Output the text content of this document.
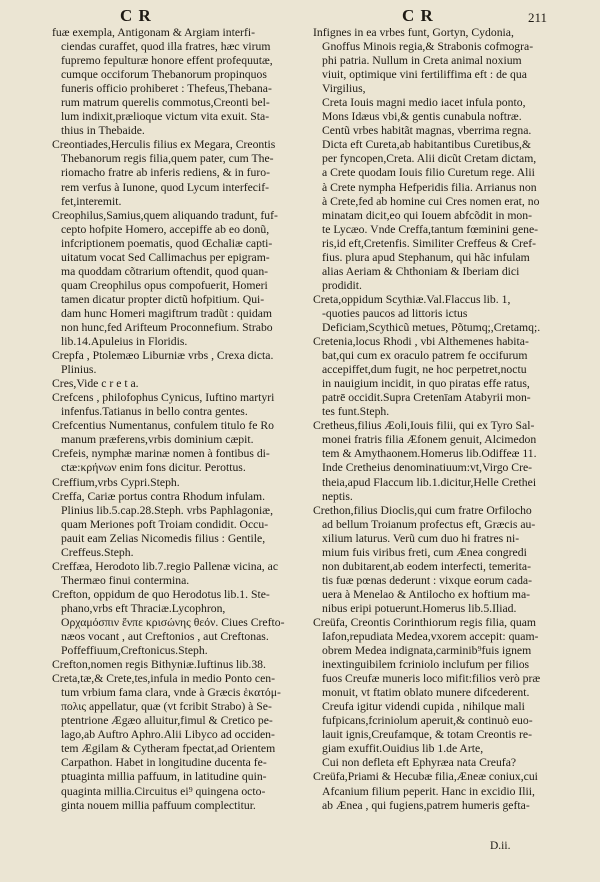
C R	C R	211
fuæ exempla, Antigonam & Argiam interfi-
ciendas curaffet, quod illa fratres, hæc virum
fupremo fepulturæ honore effent profequutæ,
cumque occiforum Thebanorum propinquos
funeris officio prohiberet : Thefeus,Thebana-
rum matrum querelis commotus,Creonti bel-
lum indixit,prælioque victum vita exuit. Sta-
thius in Thebaide.
Creontiades,Herculis filius ex Megara, Creontis
Thebanorum regis filia,quem pater, cum The-
riomacho fratre ab inferis rediens, & in furo-
rem verfus à Iunone, quod Lycum interfecif-
fet,interemit.
Creophilus,Samius,quem aliquando tradunt, fuf-
cepto hofpite Homero, accepiffe ab eo donũ,
infcriptionem poematis, quod Œchaliæ capti-
uitatum vocat Sed Callimachus per epigram-
ma quoddam cõtrarium oftendit, quod quan-
quam Creophilus opus compofuerit, Homeri
tamen dicatur propter dictũ hofpitium. Qui-
dam hunc Homeri magiftrum tradũt : quidam
non hunc,fed Arifteum Proconnefium. Strabo
lib.14.Apuleius in Floridis.
Crepfa , Ptolemæo Liburniæ vrbs , Crexa dicta.
Plinius.
Cres,Vide c r e t a.
Crefcens , philofophus Cynicus, Iuftino martyri
infenfus.Tatianus in bello contra gentes.
Crefcentius Numentanus, confulem titulo fe Ro
manum præferens,vrbis dominium cæpit.
Crefeis, nymphæ marinæ nomen à fontibus di-
ctæ:κρήνων enim fons dicitur. Perottus.
Creffium,vrbs Cypri.Steph.
Creffa, Cariæ portus contra Rhodum infulam.
Plinius lib.5.cap.28.Steph. vrbs Paphlagoniæ,
quam Meriones poft Troiam condidit. Occu-
pauit eam Zelias Nicomedis filius : Gentile,
Creffeus.Steph.
Creffæa, Herodoto lib.7.regio Pallenæ vicina, ac
Thermæo finui contermina.
Crefton, oppidum de quo Herodotus lib.1. Ste-
phano,vrbs eft Thraciæ.Lycophron,
Ορχαμόσπιν ἔνπε κρισώνης θεόν. Ciues Crefto-
næos vocant , aut Creftonios , aut Creftonas.
Poffeffiuum,Creftonicus.Steph.
Crefton,nomen regis Bithyniæ.Iuftinus lib.38.
Creta,tæ,& Crete,tes,infula in medio Ponto cen-
tum vrbium fama clara, vnde à Græcis ἑκατόμ-
πολις appellatur, quæ (vt fcribit Strabo) à Se-
ptentrione Ægæo alluitur,fimul & Cretico pe-
lago,ab Auftro Aphro.Alii Libyco ad occiden-
tem Ægilam & Cytheram fpectat,ad Orientem
Carpathon. Habet in longitudine ducenta fe-
ptuaginta millia paffuum, in latitudine quin-
quaginta millia.Circuitus ei⁹ quingena octo-
ginta nouem millia paffuum complectitur.
Infignes in ea vrbes funt, Gortyn, Cydonia,
Gnoffus Minois regia,& Strabonis cofmogra-
phi patria. Nullum in Creta animal noxium
viuit, optimique vini fertiliffima eft : de qua
Virgilius,
Creta Iouis magni medio iacet infula ponto,
Mons Idæus vbi,& gentis cunabula noftræ.
Centũ vrbes habitãt magnas, vberrima regna.
Dicta eft Cureta,ab habitantibus Curetibus,&
per fyncopen,Creta. Alii dicũt Cretam dictam,
a Crete quodam Iouis filio Curetum rege. Alii
à Crete nympha Hefperidis filia. Arrianus non
à Crete,fed ab homine cui Cres nomen erat, no
minatam dicit,eo qui Iouem abfcõdit in mon-
te Lycæo. Vnde Creffa,tantum fœminini gene-
ris,id eft,Cretenfis. Similiter Creffeus & Cref-
fius. plura apud Stephanum, qui hãc infulam
alias Aeriam & Chthoniam & Iberiam dici
prodidit.
Creta,oppidum Scythiæ.Val.Flaccus lib. 1,
-quoties paucos ad littoris ictus
Deficiam,Scythicũ metues, Põtumq;,Cretamq;.
Cretenia,locus Rhodi , vbi Althemenes habita-
bat,qui cum ex oraculo patrem fe occifurum
accepiffet,dum fugit, ne hoc perpetret,noctu
in nauigium incidit, in quo piratas effe ratus,
patrē occidit.Supra Cretenīam Atabyrii mon-
tes funt.Steph.
Cretheus,filius Æoli,Iouis filii, qui ex Tyro Sal-
monei fratris filia Æfonem genuit, Alcimedon
tem & Amythaonem.Homerus lib.Odiffeæ 11.
Inde Cretheius denominatiuum:vt,Virgo Cre-
theia,apud Flaccum lib.1.dicitur,Helle Crethei
neptis.
Crethon,filius Dioclis,qui cum fratre Orfilocho
ad bellum Troianum profectus eft, Græcis au-
xilium laturus. Verũ cum duo hi fratres ni-
mium fuis viribus freti, cum Ænea congredi
non dubitarent,ab eodem interfecti, temerita-
tis fuæ pœnas dederunt : vixque eorum cada-
uera à Menelao & Antilocho ex hoftium ma-
nibus eripi potuerunt.Homerus lib.5.Iliad.
Creüfa, Creontis Corinthiorum regis filia, quam
Iafon,repudiata Medea,vxorem accepit: quam-
obrem Medea indignata,carminib⁹fuis ignem
inextinguibilem fcriniolo inclufum per filios
fuos Creufæ muneris loco mifit:filios verò præ
monuit, vt ftatim oblato munere difcederent.
Creufa igitur videndi cupida , nihilque mali
fufpicans,fcriniolum aperuit,& continuò euo-
lauit ignis,Creufamque, & totam Creontis re-
giam exuffit.Ouidius lib 1.de Arte,
Cui non defleta eft Ephyræa nata Creufa?
Creüfa,Priami & Hecubæ filia,Æneæ coniux,cui
Afcanium filium peperit. Hanc in excidio Ilii,
ab Ænea , qui fugiens,patrem humeris gefta-
D.ii.
